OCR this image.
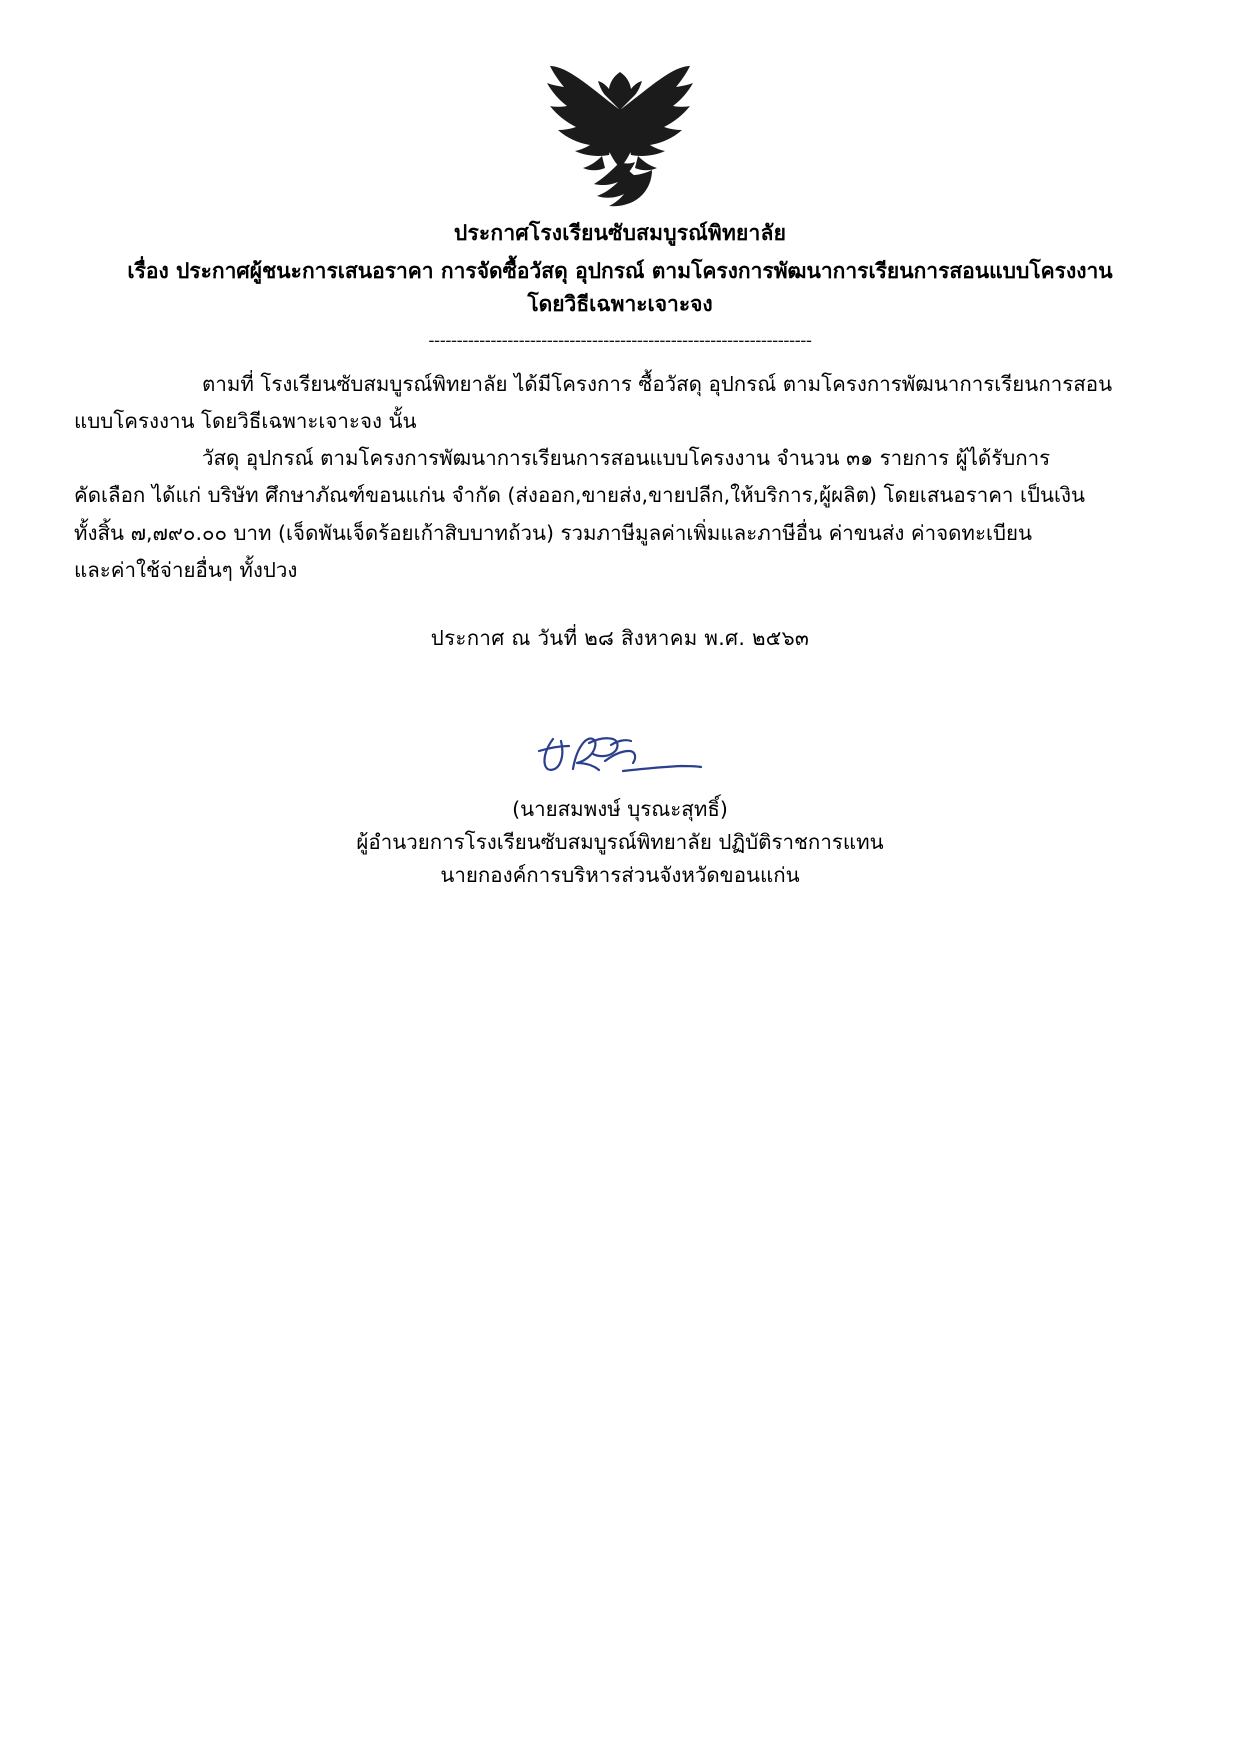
ประกาศโรงเรียนซับสมบูรณ์พิทยาลัย
เรื่อง ประกาศผู้ชนะการเสนอราคา การจัดซื้อวัสดุ อุปกรณ์ ตามโครงการพัฒนาการเรียนการสอนแบบโครงงาน
โดยวิธีเฉพาะเจาะจง
--------------------------------------------------------------------

ตามที่ โรงเรียนซับสมบูรณ์พิทยาลัย ได้มีโครงการ ซื้อวัสดุ อุปกรณ์ ตามโครงการพัฒนาการเรียนการสอน

แบบโครงงาน โดยวิธีเฉพาะเจาะจง นั้น

วัสดุ อุปกรณ์ ตามโครงการพัฒนาการเรียนการสอนแบบโครงงาน จำนวน ๓๑ รายการ ผู้ได้รับการ

คัดเลือก ได้แก่ บริษัท ศึกษาภัณฑ์ขอนแก่น จำกัด (ส่งออก,ขายส่ง,ขายปลีก,ให้บริการ,ผู้ผลิต) โดยเสนอราคา เป็นเงิน

ทั้งสิ้น ๗,๗๙๐.๐๐ บาท (เจ็ดพันเจ็ดร้อยเก้าสิบบาทถ้วน) รวมภาษีมูลค่าเพิ่มและภาษีอื่น ค่าขนส่ง ค่าจดทะเบียน

และค่าใช้จ่ายอื่นๆ ทั้งปวง

ประกาศ ณ วันที่ ๒๘ สิงหาคม พ.ศ. ๒๕๖๓
(นายสมพงษ์ บุรณะสุทธิ์)
ผู้อำนวยการโรงเรียนซับสมบูรณ์พิทยาลัย ปฏิบัติราชการแทน
นายกองค์การบริหารส่วนจังหวัดขอนแก่น
